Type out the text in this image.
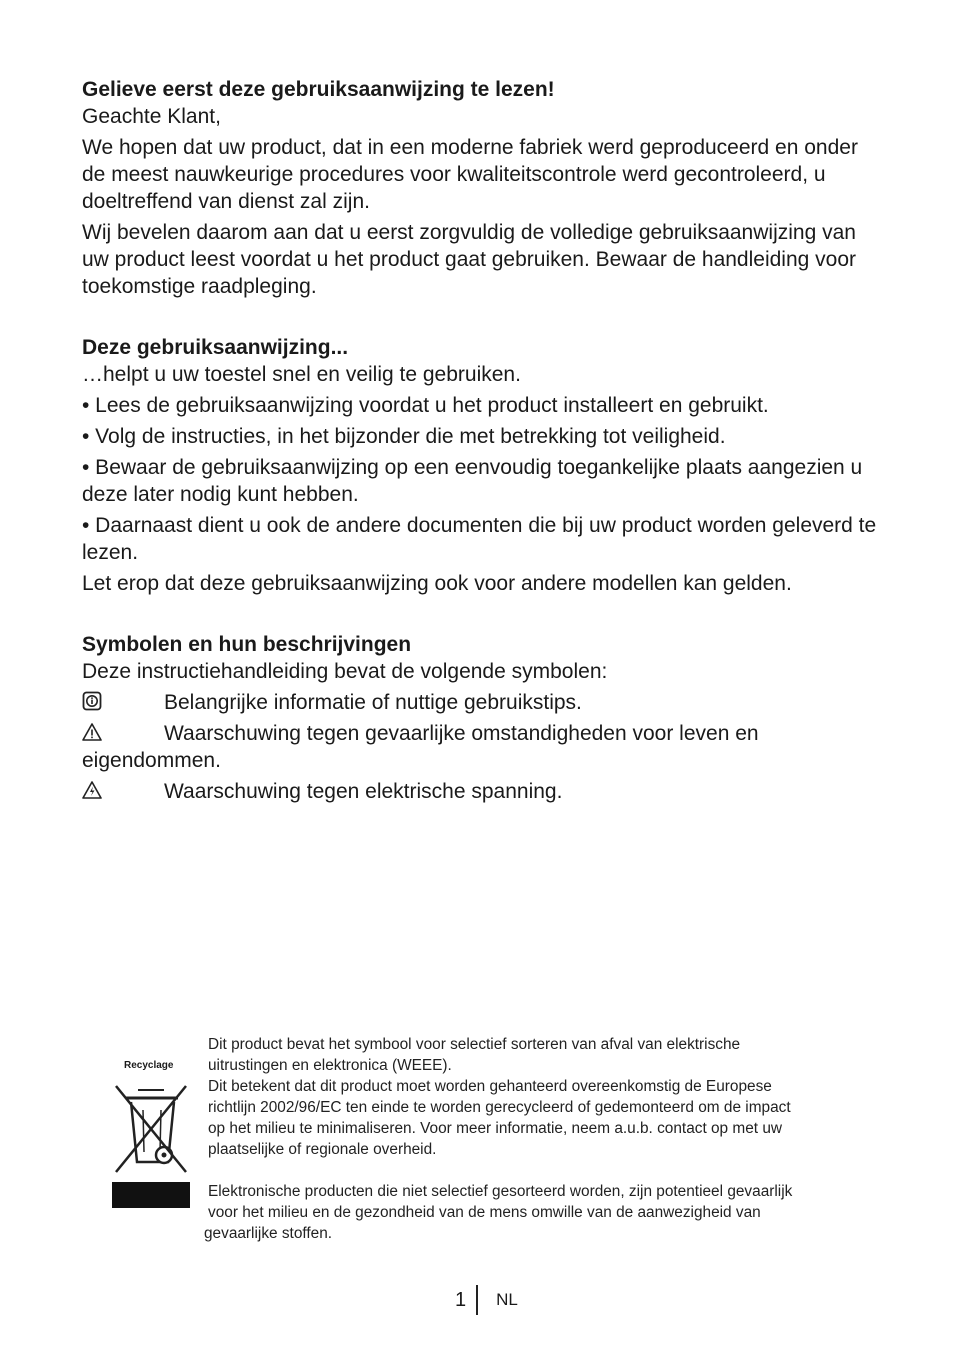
Gelieve eerst deze gebruiksaanwijzing te lezen!

Geachte Klant,

We hopen dat uw product, dat in een moderne fabriek werd geproduceerd en onder de meest nauwkeurige procedures voor kwaliteitscontrole werd gecontroleerd, u doeltreffend van dienst zal zijn.

Wij bevelen daarom aan dat u eerst zorgvuldig de volledige gebruiksaanwijzing van uw product leest voordat u het product gaat gebruiken. Bewaar de handleiding voor toekomstige raadpleging.

Deze gebruiksaanwijzing...

…helpt u uw toestel snel en veilig te gebruiken.

• Lees de gebruiksaanwijzing voordat u het product installeert en gebruikt.

• Volg de instructies, in het bijzonder die met betrekking tot veiligheid.

• Bewaar de gebruiksaanwijzing op een eenvoudig toegankelijke plaats aangezien u deze later nodig kunt hebben.

• Daarnaast dient u ook de andere documenten die bij uw product worden geleverd te lezen.

Let erop dat deze gebruiksaanwijzing ook voor andere modellen kan gelden.

Symbolen en hun beschrijvingen

Deze instructiehandleiding bevat de volgende symbolen:

Belangrijke informatie of nuttige gebruikstips.

Waarschuwing tegen gevaarlijke omstandigheden voor leven en eigendommen.

Waarschuwing tegen elektrische spanning.

Recyclage

Dit product bevat het symbool voor selectief sorteren van afval van elektrische

uitrustingen en elektronica (WEEE).

Dit betekent dat dit product moet worden gehanteerd overeenkomstig de Europese

richtlijn 2002/96/EC ten einde te worden gerecycleerd of gedemonteerd om de impact

op het milieu te minimaliseren. Voor meer informatie, neem a.u.b. contact op met uw

plaatselijke of regionale overheid.

Elektronische producten die niet selectief gesorteerd worden, zijn potentieel gevaarlijk

voor het milieu en de gezondheid van de mens omwille van de aanwezigheid van

gevaarlijke stoffen.

1 NL
